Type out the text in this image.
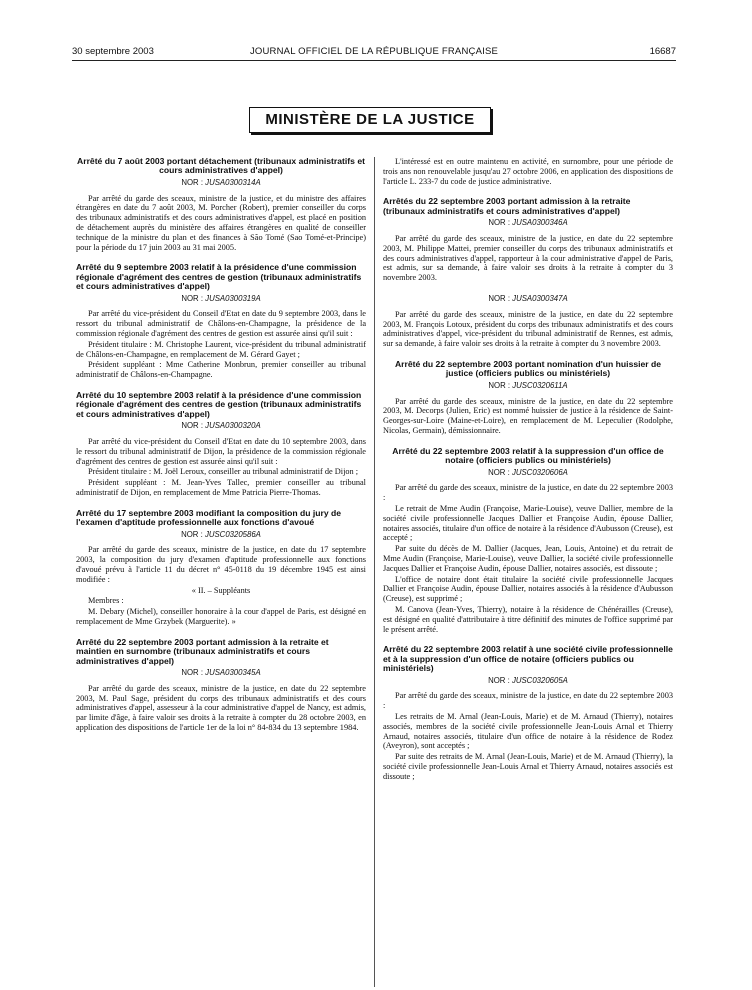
30 septembre 2003	JOURNAL OFFICIEL DE LA RÉPUBLIQUE FRANÇAISE	16687
MINISTÈRE DE LA JUSTICE
Arrêté du 7 août 2003 portant détachement (tribunaux administratifs et cours administratives d'appel)
NOR : JUSA0300314A
Par arrêté du garde des sceaux, ministre de la justice, et du ministre des affaires étrangères en date du 7 août 2003, M. Porcher (Robert), premier conseiller du corps des tribunaux administratifs et des cours administratives d'appel, est placé en position de détachement auprès du ministère des affaires étrangères en qualité de conseiller technique de la ministre du plan et des finances à São Tomé (Sao Tomé-et-Principe) pour la période du 17 juin 2003 au 31 mai 2005.
Arrêté du 9 septembre 2003 relatif à la présidence d'une commission régionale d'agrément des centres de gestion (tribunaux administratifs et cours administratives d'appel)
NOR : JUSA0300319A
Par arrêté du vice-président du Conseil d'Etat en date du 9 septembre 2003, dans le ressort du tribunal administratif de Châlons-en-Champagne, la présidence de la commission régionale d'agrément des centres de gestion est assurée ainsi qu'il suit :
Président titulaire : M. Christophe Laurent, vice-président du tribunal administratif de Châlons-en-Champagne, en remplacement de M. Gérard Gayet ;
Président suppléant : Mme Catherine Monbrun, premier conseiller au tribunal administratif de Châlons-en-Champagne.
Arrêté du 10 septembre 2003 relatif à la présidence d'une commission régionale d'agrément des centres de gestion (tribunaux administratifs et cours administratives d'appel)
NOR : JUSA0300320A
Par arrêté du vice-président du Conseil d'Etat en date du 10 septembre 2003, dans le ressort du tribunal administratif de Dijon, la présidence de la commission régionale d'agrément des centres de gestion est assurée ainsi qu'il suit :
Président titulaire : M. Joël Leroux, conseiller au tribunal administratif de Dijon ;
Président suppléant : M. Jean-Yves Tallec, premier conseiller au tribunal administratif de Dijon, en remplacement de Mme Patricia Pierre-Thomas.
Arrêté du 17 septembre 2003 modifiant la composition du jury de l'examen d'aptitude professionnelle aux fonctions d'avoué
NOR : JUSC0320586A
Par arrêté du garde des sceaux, ministre de la justice, en date du 17 septembre 2003, la composition du jury d'examen d'aptitude professionnelle aux fonctions d'avoué prévu à l'article 11 du décret n° 45-0118 du 19 décembre 1945 est ainsi modifiée :
« II. – Suppléants
Membres :
M. Debary (Michel), conseiller honoraire à la cour d'appel de Paris, est désigné en remplacement de Mme Grzybek (Marguerite). »
Arrêté du 22 septembre 2003 portant admission à la retraite et maintien en surnombre (tribunaux administratifs et cours administratives d'appel)
NOR : JUSA0300345A
Par arrêté du garde des sceaux, ministre de la justice, en date du 22 septembre 2003, M. Paul Sage, président du corps des tribunaux administratifs et des cours administratives d'appel, assesseur à la cour administrative d'appel de Nancy, est admis, par limite d'âge, à faire valoir ses droits à la retraite à compter du 28 octobre 2003, en application des dispositions de l'article 1er de la loi n° 84-834 du 13 septembre 1984.
L'intéressé est en outre maintenu en activité, en surnombre, pour une période de trois ans non renouvelable jusqu'au 27 octobre 2006, en application des dispositions de l'article L. 233-7 du code de justice administrative.
Arrêtés du 22 septembre 2003 portant admission à la retraite (tribunaux administratifs et cours administratives d'appel)
NOR : JUSA0300346A
Par arrêté du garde des sceaux, ministre de la justice, en date du 22 septembre 2003, M. Philippe Mattei, premier conseiller du corps des tribunaux administratifs et des cours administratives d'appel, rapporteur à la cour administrative d'appel de Paris, est admis, sur sa demande, à faire valoir ses droits à la retraite à compter du 3 novembre 2003.
NOR : JUSA0300347A
Par arrêté du garde des sceaux, ministre de la justice, en date du 22 septembre 2003, M. François Lotoux, président du corps des tribunaux administratifs et des cours administratives d'appel, vice-président du tribunal administratif de Rennes, est admis, sur sa demande, à faire valoir ses droits à la retraite à compter du 3 novembre 2003.
Arrêté du 22 septembre 2003 portant nomination d'un huissier de justice (officiers publics ou ministériels)
NOR : JUSC0320611A
Par arrêté du garde des sceaux, ministre de la justice, en date du 22 septembre 2003, M. Decorps (Julien, Eric) est nommé huissier de justice à la résidence de Saint-Georges-sur-Loire (Maine-et-Loire), en remplacement de M. Lepeculier (Rodolphe, Nicolas, Germain), démissionnaire.
Arrêté du 22 septembre 2003 relatif à la suppression d'un office de notaire (officiers publics ou ministériels)
NOR : JUSC0320606A
Par arrêté du garde des sceaux, ministre de la justice, en date du 22 septembre 2003 :
Le retrait de Mme Audin (Françoise, Marie-Louise), veuve Dallier, membre de la société civile professionnelle Jacques Dallier et Françoise Audin, épouse Dallier, notaires associés, titulaire d'un office de notaire à la résidence d'Aubusson (Creuse), est accepté ;
Par suite du décès de M. Dallier (Jacques, Jean, Louis, Antoine) et du retrait de Mme Audin (Françoise, Marie-Louise), veuve Dallier, la société civile professionnelle Jacques Dallier et Françoise Audin, épouse Dallier, notaires associés, est dissoute ;
L'office de notaire dont était titulaire la société civile professionnelle Jacques Dallier et Françoise Audin, épouse Dallier, notaires associés à la résidence d'Aubusson (Creuse), est supprimé ;
M. Canova (Jean-Yves, Thierry), notaire à la résidence de Chénérailles (Creuse), est désigné en qualité d'attributaire à titre définitif des minutes de l'office supprimé par le présent arrêté.
Arrêté du 22 septembre 2003 relatif à une société civile professionnelle et à la suppression d'un office de notaire (officiers publics ou ministériels)
NOR : JUSC0320605A
Par arrêté du garde des sceaux, ministre de la justice, en date du 22 septembre 2003 :
Les retraits de M. Arnal (Jean-Louis, Marie) et de M. Arnaud (Thierry), notaires associés, membres de la société civile professionnelle Jean-Louis Arnal et Thierry Arnaud, notaires associés, titulaire d'un office de notaire à la résidence de Rodez (Aveyron), sont acceptés ;
Par suite des retraits de M. Arnal (Jean-Louis, Marie) et de M. Arnaud (Thierry), la société civile professionnelle Jean-Louis Arnal et Thierry Arnaud, notaires associés est dissoute ;
